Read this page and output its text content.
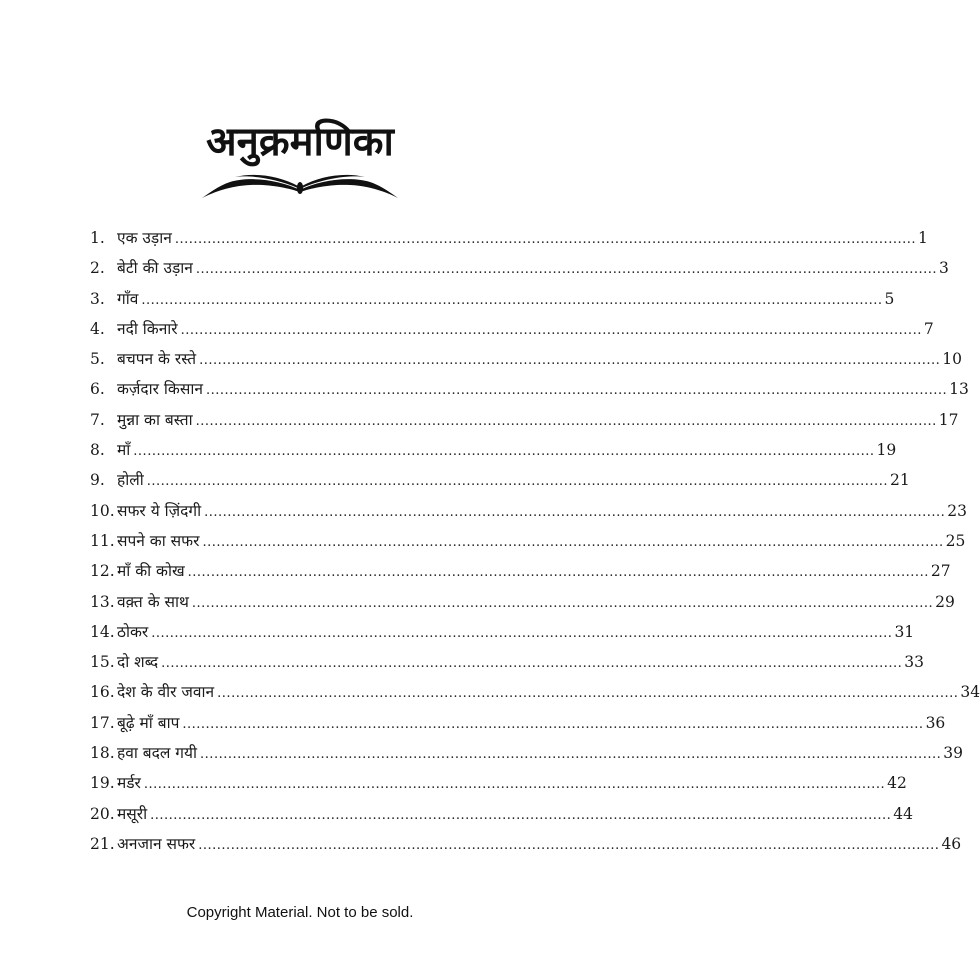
अनुक्रमणिका
1. एक उड़ान ................................................................................................................................................................ 1
2. बेटी की उड़ान ................................................................................................................................................................ 3
3. गाँव ................................................................................................................................................................ 5
4. नदी किनारे ................................................................................................................................................................ 7
5. बचपन के रस्ते ................................................................................................................................................................ 10
6. कर्ज़दार किसान ................................................................................................................................................................ 13
7. मुन्ना का बस्ता ................................................................................................................................................................ 17
8. माँ ................................................................................................................................................................ 19
9. होली ................................................................................................................................................................ 21
10. सफर ये ज़िंदगी ................................................................................................................................................................ 23
11. सपने का सफर ................................................................................................................................................................ 25
12. माँ की कोख ................................................................................................................................................................ 27
13. वक़्त के साथ ................................................................................................................................................................ 29
14. ठोकर ................................................................................................................................................................ 31
15. दो शब्द ................................................................................................................................................................ 33
16. देश के वीर जवान ................................................................................................................................................................ 34
17. बूढ़े माँ बाप ................................................................................................................................................................ 36
18. हवा बदल गयी ................................................................................................................................................................ 39
19. मर्डर ................................................................................................................................................................ 42
20. मसूरी ................................................................................................................................................................ 44
21. अनजान सफर ................................................................................................................................................................ 46
Copyright Material. Not to be sold.
